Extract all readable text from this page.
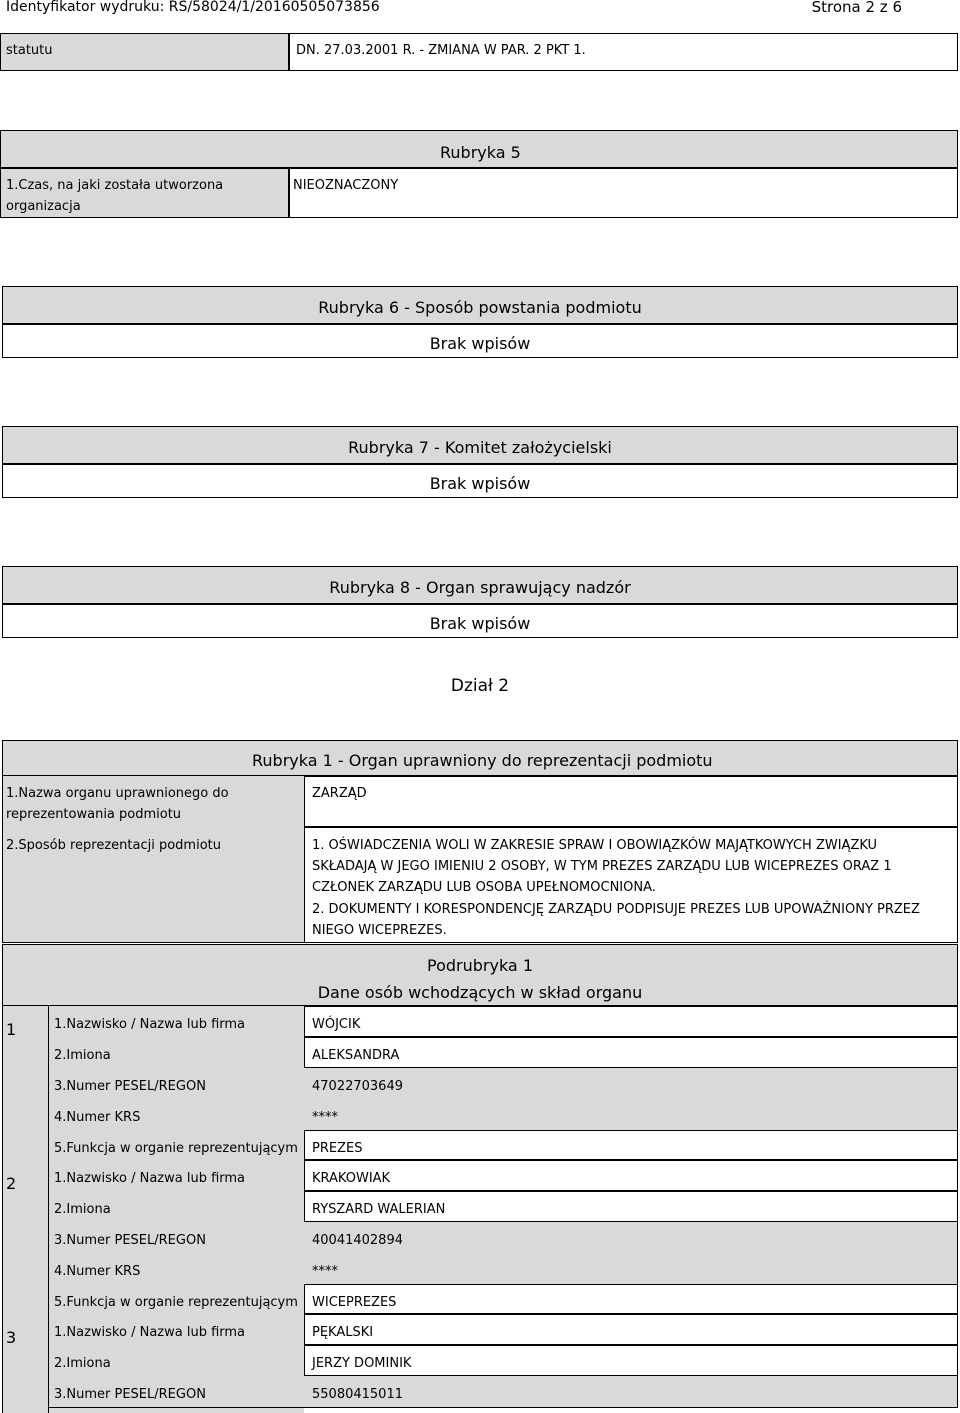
Identyfikator wydruku: RS/58024/1/20160505073856	Strona 2 z 6
statutu	DN. 27.03.2001 R. - ZMIANA W PAR. 2 PKT 1.
Rubryka 5
1.Czas, na jaki została utworzona
organizacja
NIEOZNACZONY
Rubryka 6 - Sposób powstania podmiotu
Brak wpisów
Rubryka 7 - Komitet założycielski
Brak wpisów
Rubryka 8 - Organ sprawujący nadzór
Brak wpisów
Dział 2
Rubryka 1 - Organ uprawniony do reprezentacji podmiotu
1.Nazwa organu uprawnionego do
reprezentowania podmiotu
ZARZĄD
2.Sposób reprezentacji podmiotu	1. OŚWIADCZENIA WOLI W ZAKRESIE SPRAW I OBOWIĄZKÓW MAJĄTKOWYCH ZWIĄZKU
SKŁADAJĄ W JEGO IMIENIU 2 OSOBY, W TYM PREZES ZARZĄDU LUB WICEPREZES ORAZ 1
CZŁONEK ZARZĄDU LUB OSOBA UPEŁNOMOCNIONA.
2. DOKUMENTY I KORESPONDENCJĘ ZARZĄDU PODPISUJE PREZES LUB UPOWAŻNIONY PRZEZ
NIEGO WICEPREZES.
Podrubryka 1
Dane osób wchodzących w skład organu
1	1.Nazwisko / Nazwa lub firma	WÓJCIK
2.Imiona	ALEKSANDRA
3.Numer PESEL/REGON	47022703649
4.Numer KRS	****
5.Funkcja w organie reprezentującym PREZES
2	1.Nazwisko / Nazwa lub firma	KRAKOWIAK
2.Imiona	RYSZARD WALERIAN
3.Numer PESEL/REGON	40041402894
4.Numer KRS	****
5.Funkcja w organie reprezentującym WICEPREZES
3	1.Nazwisko / Nazwa lub firma	PĘKALSKI
2.Imiona	JERZY DOMINIK
3.Numer PESEL/REGON	55080415011
